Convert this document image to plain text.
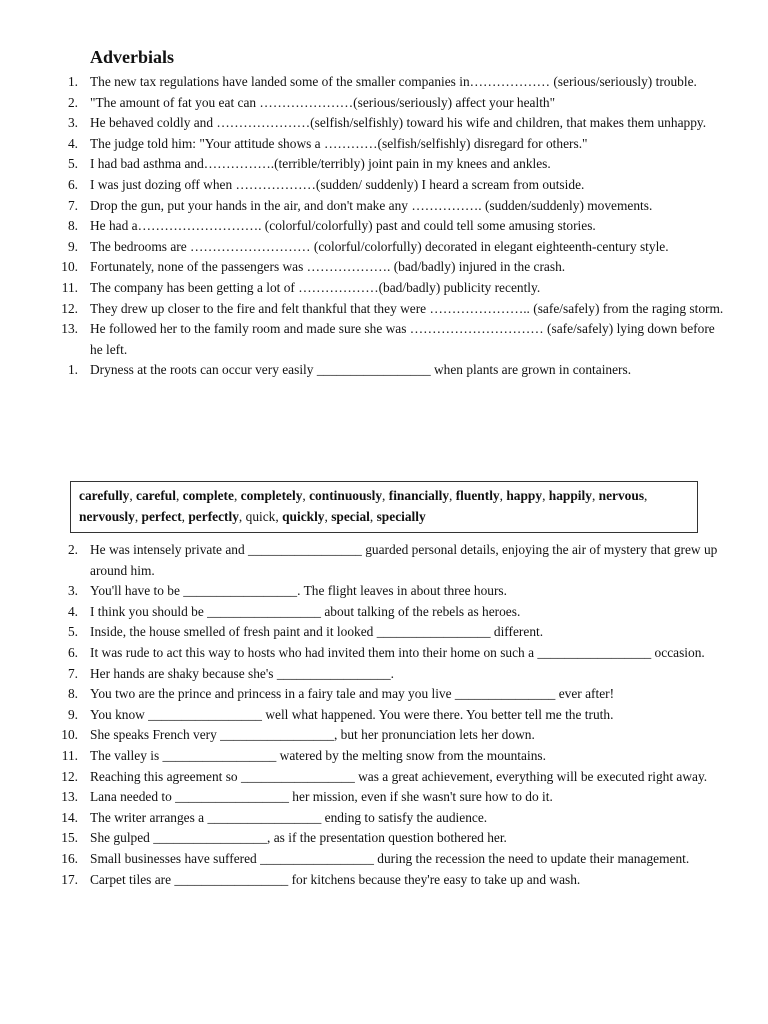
Adverbials
1. The new tax regulations have landed some of the smaller companies in……………… (serious/seriously) trouble.
2. "The amount of fat you eat can …………………(serious/seriously) affect your health"
3. He behaved coldly and …………………(selfish/selfishly) toward his wife and children, that makes them unhappy.
4. The judge told him: "Your attitude shows a …………(selfish/selfishly) disregard for others."
5. I had bad asthma and…………….(terrible/terribly) joint pain in my knees and ankles.
6. I was just dozing off when ………………(sudden/ suddenly) I heard a scream from outside.
7. Drop the gun, put your hands in the air, and don't make any ……………. (sudden/suddenly) movements.
8. He had a………………………. (colorful/colorfully) past and could tell some amusing stories.
9. The bedrooms are ……………………… (colorful/colorfully) decorated in elegant eighteenth-century style.
10. Fortunately, none of the passengers was ………………. (bad/badly) injured in the crash.
11. The company has been getting a lot of ………………(bad/badly) publicity recently.
12. They drew up closer to the fire and felt thankful that they were ………………….. (safe/safely) from the raging storm.
13. He followed her to the family room and made sure she was ………………………… (safe/safely) lying down before he left.
1. Dryness at the roots can occur very easily _________________ when plants are grown in containers.
carefully, careful, complete, completely, continuously, financially, fluently, happy, happily, nervous, nervously, perfect, perfectly, quick, quickly, special, specially
2. He was intensely private and _________________ guarded personal details, enjoying the air of mystery that grew up around him.
3. You'll have to be _________________. The flight leaves in about three hours.
4. I think you should be _________________ about talking of the rebels as heroes.
5. Inside, the house smelled of fresh paint and it looked _________________ different.
6. It was rude to act this way to hosts who had invited them into their home on such a _________________ occasion.
7. Her hands are shaky because she's _________________.
8. You two are the prince and princess in a fairy tale and may you live _______________ ever after!
9. You know _________________ well what happened. You were there. You better tell me the truth.
10. She speaks French very _________________, but her pronunciation lets her down.
11. The valley is _________________ watered by the melting snow from the mountains.
12. Reaching this agreement so _________________ was a great achievement, everything will be executed right away.
13. Lana needed to _________________ her mission, even if she wasn't sure how to do it.
14. The writer arranges a _________________ ending to satisfy the audience.
15. She gulped _________________, as if the presentation question bothered her.
16. Small businesses have suffered _________________ during the recession the need to update their management.
17. Carpet tiles are _________________ for kitchens because they're easy to take up and wash.
